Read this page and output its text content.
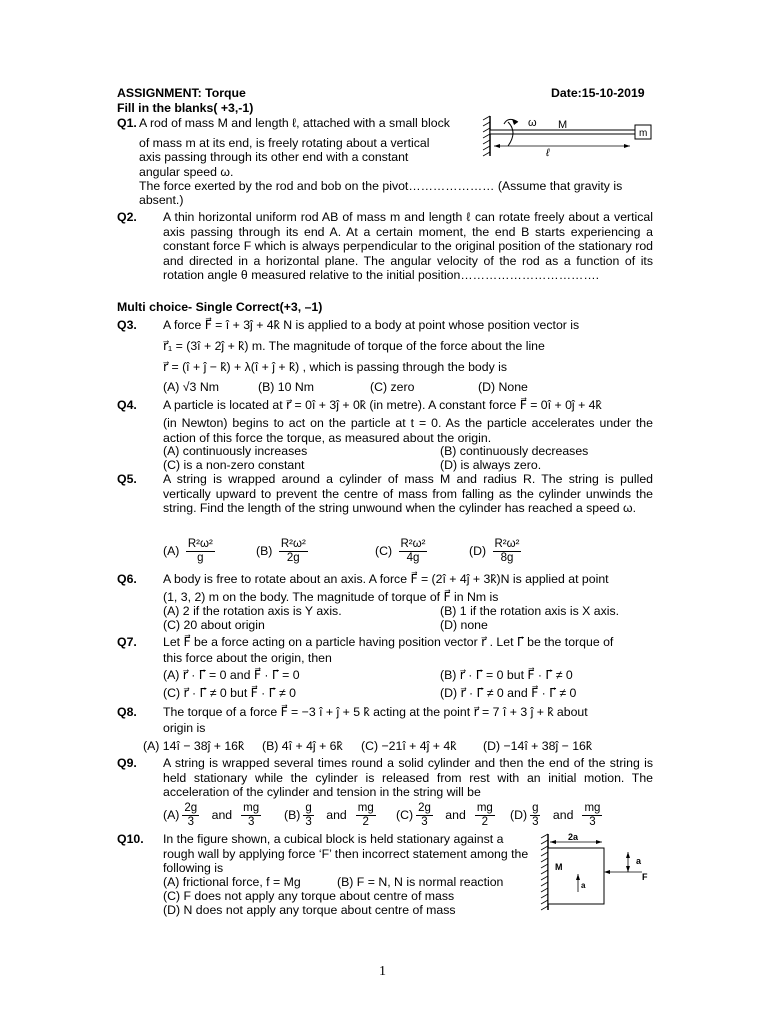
ASSIGNMENT: Torque	Date:15-10-2019
Fill in the blanks( +3,-1)
Q1. A rod of mass M and length ℓ, attached with a small block
of mass m at its end, is freely rotating about a vertical
axis passing through its other end with a constant
angular speed ω.
The force exerted by the rod and bob on the pivot………………… (Assume that gravity is
absent.)
ω M
m
ℓ
Q2. A thin horizontal uniform rod AB of mass m and length ℓ can rotate freely about a vertical axis passing through its end A. At a certain moment, the end B starts experiencing a constant force F which is always perpendicular to the original position of the stationary rod and directed in a horizontal plane. The angular velocity of the rod as a function of its rotation angle θ measured relative to the initial position…………………………….
Multi choice- Single Correct(+3, –1)
Q3. A force F⃗ = î + 3ĵ + 4k̂ N is applied to a body at point whose position vector is
r⃗₁ = (3î + 2ĵ + k̂) m. The magnitude of torque of the force about the line
r⃗ = (î + ĵ − k̂) + λ(î + ĵ + k̂) , which is passing through the body is
(A) √3 Nm	(B) 10 Nm	(C) zero	(D) None
Q4. A particle is located at r⃗ = 0î + 3ĵ + 0k̂ (in metre). A constant force F⃗ = 0î + 0ĵ + 4k̂
(in Newton) begins to act on the particle at t = 0. As the particle accelerates under the action of this force the torque, as measured about the origin.
(A) continuously increases	(B) continuously decreases
(C) is a non-zero constant	(D) is always zero.
Q5. A string is wrapped around a cylinder of mass M and radius R. The string is pulled vertically upward to prevent the centre of mass from falling as the cylinder unwinds the string. Find the length of the string unwound when the cylinder has reached a speed ω.
$(A) \frac{\text{R²ω²}}{g}$	$(B) \frac{\text{R²ω²}}{2g}$	$(C) \frac{\text{R²ω²}}{4g}$	$(D) \frac{\text{R²ω²}}{8g}$
Q6. A body is free to rotate about an axis. A force F⃗ = (2î + 4ĵ + 3k̂)N is applied at point
(1, 3, 2) m on the body. The magnitude of torque of F⃗ in Nm is
(A) 2 if the rotation axis is Y axis.	(B) 1 if the rotation axis is X axis.
(C) 20 about origin	(D) none
Q7. Let F⃗ be a force acting on a particle having position vector r⃗ . Let Γ⃗ be the torque of
this force about the origin, then
(A) r⃗ · Γ⃗ = 0 and F⃗ · Γ⃗ = 0	(B) r⃗ · Γ⃗ = 0 but F⃗ · Γ⃗ ≠ 0
(C) r⃗ · Γ⃗ ≠ 0 but F⃗ · Γ⃗ ≠ 0	(D) r⃗ · Γ⃗ ≠ 0 and F⃗ · Γ⃗ ≠ 0
Q8. The torque of a force F⃗ = −3 î + ĵ + 5 k̂ acting at the point r⃗ = 7 î + 3 ĵ + k̂ about
origin is
(A) 14î − 38ĵ + 16k̂ (B) 4î + 4ĵ + 6k̂ (C) −21î + 4ĵ + 4k̂ (D) −14î + 38ĵ − 16k̂
Q9. A string is wrapped several times round a solid cylinder and then the end of the string is held stationary while the cylinder is released from rest with an initial motion. The acceleration of the cylinder and tension in the string will be
$(A) \frac{2g}{3}$ and $\frac{mg}{3} (B) \frac{g}{3}$ and $\frac{mg}{2} (C) \frac{2g}{3}$ and $\frac{mg}{2} (D) \frac{g}{3}$ and $\frac{mg}{3}$
Q10. In the figure shown, a cubical block is held stationary against a rough wall by applying force ‘F’ then incorrect statement among the following is
(A) frictional force, f = Mg	(B) F = N, N is normal reaction
(C) F does not apply any torque about centre of mass
(D) N does not apply any torque about centre of mass
2a
a
a
M
F
1
